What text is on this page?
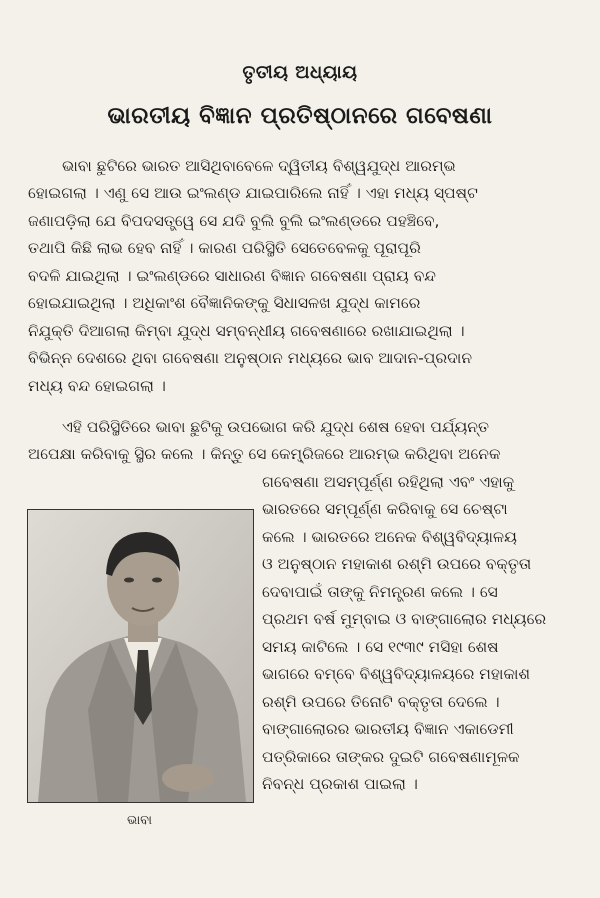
ତୃତୀୟ ଅଧ୍ୟାୟ
ଭାରତୀୟ ବିଜ୍ଞାନ ପ୍ରତିଷ୍ଠାନରେ ଗବେଷଣା
ଭାବା ଛୁଟିରେ ଭାରତ ଆସିଥିବାବେଳେ ଦ୍ୱିତୀୟ ବିଶ୍ୱଯୁଦ୍ଧ ଆରମ୍ଭ
ହୋଇଗଲା । ଏଣୁ ସେ ଆଉ ଇଂଲଣ୍ଡ ଯାଇପାରିଲେ ନାହିଁ । ଏହା ମଧ୍ୟ ସ୍ପଷ୍ଟ
ଜଣାପଡ଼ିଲା ଯେ ବିପଦସତ୍ତ୍ୱେ ସେ ଯଦି ବୁଲି ବୁଲି ଇଂଲଣ୍ଡରେ ପହଞ୍ଚିବେ,
ତଥାପି କିଛି ଲାଭ ହେବ ନାହିଁ । କାରଣ ପରିସ୍ଥିତି ସେତେବେଳକୁ ପୂରାପୂରି
ବଦଳି ଯାଇଥିଲା । ଇଂଲଣ୍ଡରେ ସାଧାରଣ ବିଜ୍ଞାନ ଗବେଷଣା ପ୍ରାୟ ବନ୍ଦ
ହୋଇଯାଇଥିଲା । ଅଧିକାଂଶ ବୈଜ୍ଞାନିକଙ୍କୁ ସିଧାସଳଖ ଯୁଦ୍ଧ କାମରେ
ନିଯୁକ୍ତି ଦିଆଗଲା କିମ୍ବା ଯୁଦ୍ଧ ସମ୍ବନ୍ଧୀୟ ଗବେଷଣାରେ ରଖାଯାଇଥିଲା ।
ବିଭିନ୍ନ ଦେଶରେ ଥିବା ଗବେଷଣା ଅନୁଷ୍ଠାନ ମଧ୍ୟରେ ଭାବ ଆଦାନ-ପ୍ରଦାନ
ମଧ୍ୟ ବନ୍ଦ ହୋଇଗଲା ।
ଏହି ପରିସ୍ଥିତିରେ ଭାବା ଛୁଟିକୁ ଉପଭୋଗ କରି ଯୁଦ୍ଧ ଶେଷ ହେବା ପର୍ଯ୍ୟନ୍ତ
ଅପେକ୍ଷା କରିବାକୁ ସ୍ଥିର କଲେ । କିନ୍ତୁ ସେ କେମ୍ବ୍ରିଜରେ ଆରମ୍ଭ କରିଥିବା ଅନେକ
ଗବେଷଣା ଅସମ୍ପୂର୍ଣ୍ଣ ରହିଥିଲା ଏବଂ ଏହାକୁ
ଭାରତରେ ସମ୍ପୂର୍ଣ୍ଣ କରିବାକୁ ସେ ଚେଷ୍ଟା
କଲେ । ଭାରତରେ ଅନେକ ବିଶ୍ୱବିଦ୍ୟାଳୟ
ଓ ଅନୁଷ୍ଠାନ ମହାକାଶ ରଶ୍ମି ଉପରେ ବକ୍ତୃତା
ଦେବାପାଇଁ ତାଙ୍କୁ ନିମନ୍ତ୍ରଣ କଲେ । ସେ
ପ୍ରଥମ ବର୍ଷ ମୁମ୍ବାଇ ଓ ବାଙ୍ଗାଲୋର ମଧ୍ୟରେ
ସମୟ କାଟିଲେ । ସେ ୧୯୩୯ ମସିହା ଶେଷ
ଭାଗରେ ବମ୍ବେ ବିଶ୍ୱବିଦ୍ୟାଳୟରେ ମହାକାଶ
ରଶ୍ମି ଉପରେ ତିନୋଟି ବକ୍ତୃତା ଦେଲେ ।
ବାଙ୍ଗାଲୋରର ଭାରତୀୟ ବିଜ୍ଞାନ ଏକାଡେମୀ
ପତ୍ରିକାରେ ତାଙ୍କର ଦୁଇଟି ଗବେଷଣାମୂଳକ
ନିବନ୍ଧ ପ୍ରକାଶ ପାଇଲା ।
ଭାବା
